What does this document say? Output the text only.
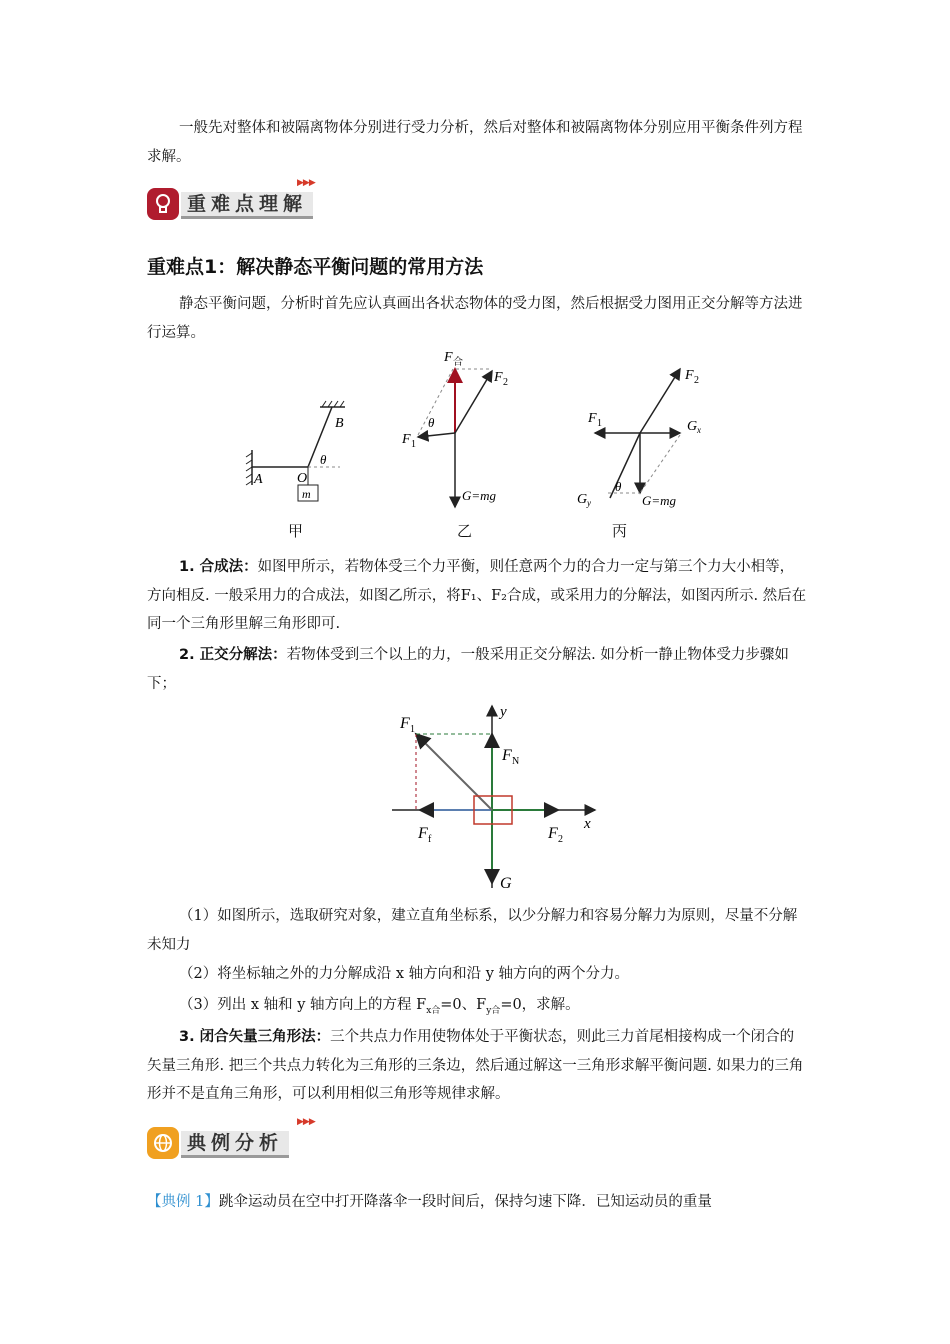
一般先对整体和被隔离物体分别进行受力分析，然后对整体和被隔离物体分别应用平衡条件列方程求解。

重难点理解
▶▶▶
重难点1：解决静态平衡问题的常用方法

静态平衡问题，分析时首先应认真画出各状态物体的受力图，然后根据受力图用正交分解等方法进行运算。

B
A O
m
θ
F 合
F 2
F 1
θ
G=mg
F 2
F 1	G x
G y
θ
G=mg
甲	乙	丙

1. 合成法：如图甲所示，若物体受三个力平衡，则任意两个力的合力一定与第三个力大小相等，方向相反. 一般采用力的合成法，如图乙所示，将F₁、F₂合成，或采用力的分解法，如图丙所示. 然后在同一个三角形里解三角形即可.

2. 正交分解法：若物体受到三个以上的力，一般采用正交分解法. 如分析一静止物体受力步骤如下；

F 1
F N
F f	F 2
G
x
y

（1）如图所示，选取研究对象，建立直角坐标系，以少分解力和容易分解力为原则，尽量不分解未知力

（2）将坐标轴之外的力分解成沿 x 轴方向和沿 y 轴方向的两个分力。

（3）列出 x 轴和 y 轴方向上的方程 $F_{x合}=0$、$F_{y合}=0$，求解。

3. 闭合矢量三角形法：三个共点力作用使物体处于平衡状态，则此三力首尾相接构成一个闭合的矢量三角形. 把三个共点力转化为三角形的三条边，然后通过解这一三角形求解平衡问题. 如果力的三角形并不是直角三角形，可以利用相似三角形等规律求解。

典例分析
▶▶▶

【典例 1】跳伞运动员在空中打开降落伞一段时间后，保持匀速下降．已知运动员的重量
